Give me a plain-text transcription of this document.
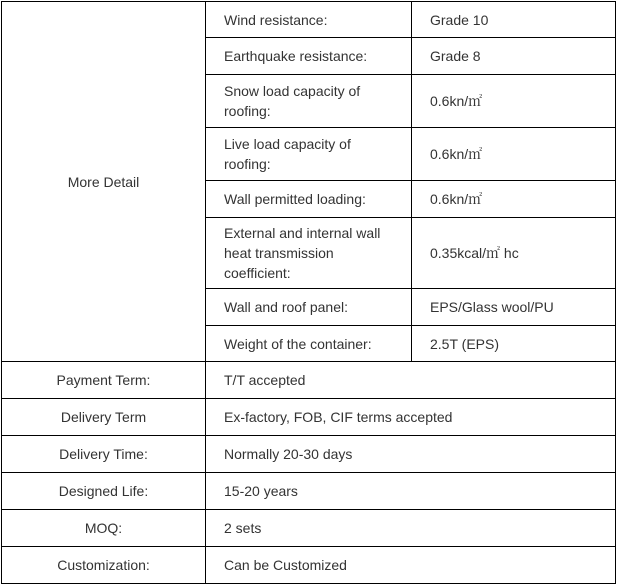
More Detail	Wind resistance:	Grade 10
	Earthquake resistance:	Grade 8
	Snow load capacity of roofing:	0.6kn/㎡
	Live load capacity of roofing:	0.6kn/㎡
	Wall permitted loading:	0.6kn/㎡
	External and internal wall heat transmission coefficient:	0.35kcal/㎡ hc
	Wall and roof panel:	EPS/Glass wool/PU
	Weight of the container:	2.5T (EPS)
Payment Term:	T/T accepted	
Delivery Term	Ex-factory, FOB, CIF terms accepted	
Delivery Time:	Normally 20-30 days	
Designed Life:	15-20 years	
MOQ:	2 sets	
Customization:	Can be Customized	
